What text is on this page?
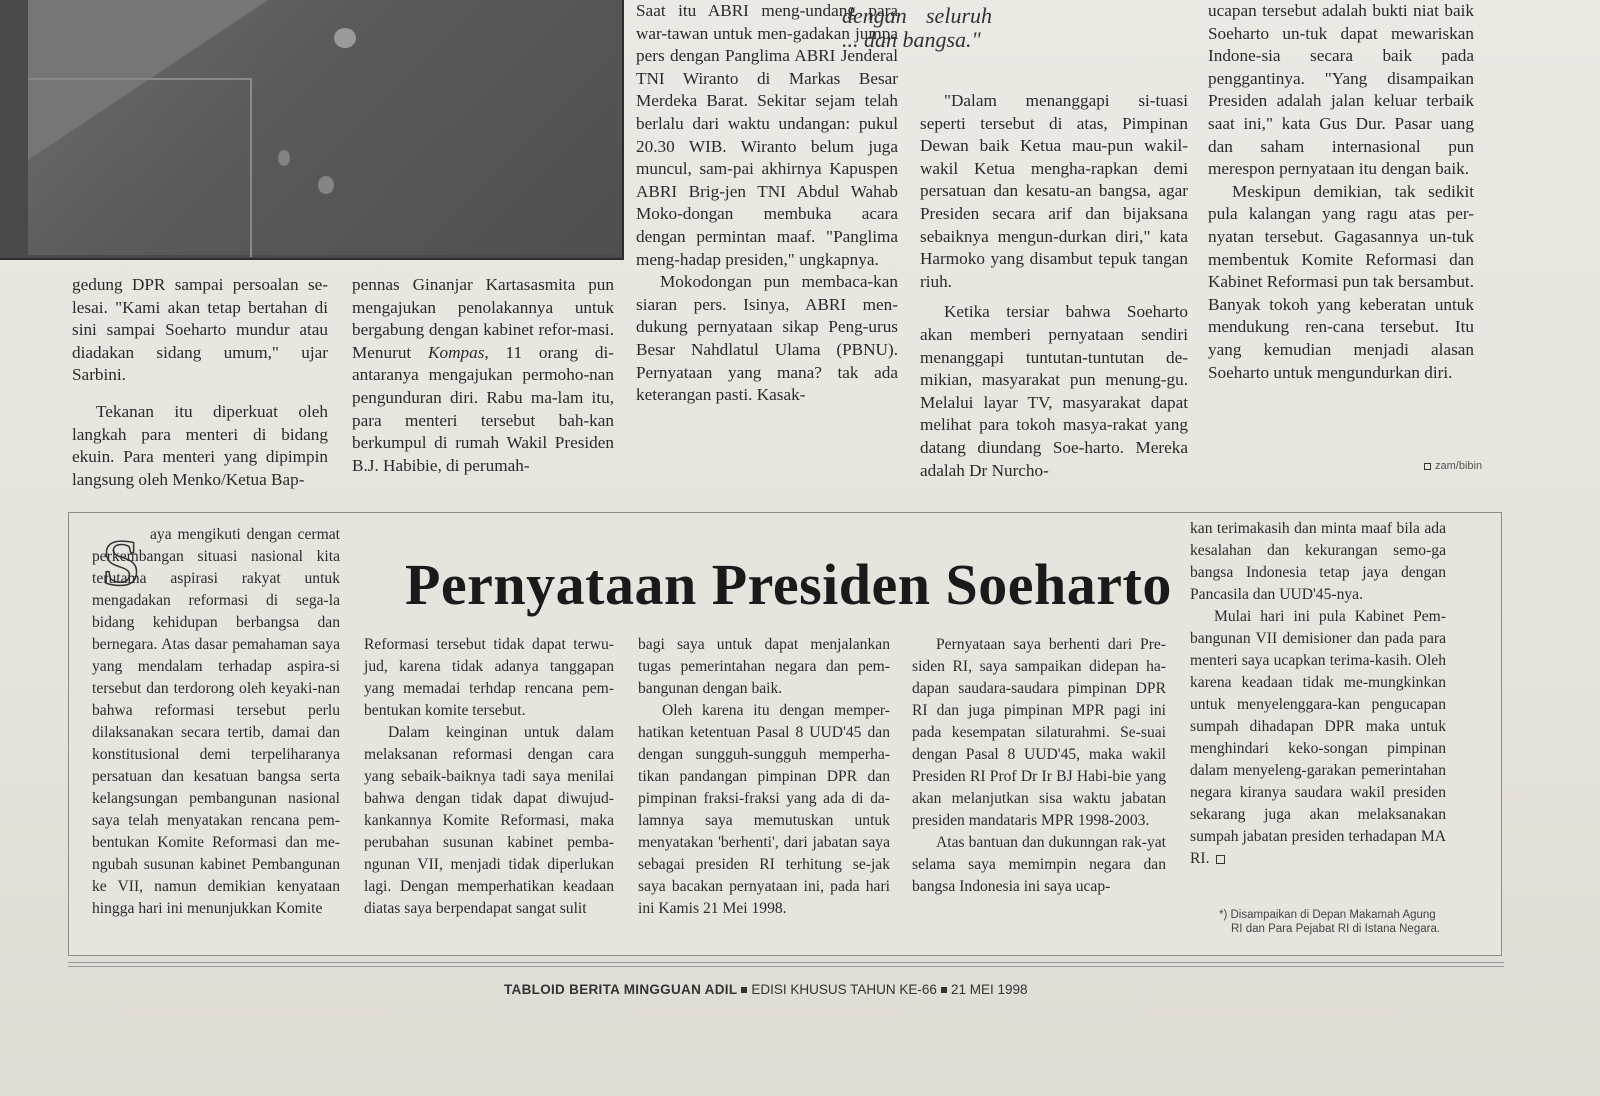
gedung DPR sampai persoalan se-lesai. "Kami akan tetap bertahan di sini sampai Soeharto mundur atau diadakan sidang umum," ujar Sarbini.

Tekanan itu diperkuat oleh langkah para menteri di bidang ekuin. Para menteri yang dipimpin langsung oleh Menko/Ketua Bap-

pennas Ginanjar Kartasasmita pun mengajukan penolakannya untuk bergabung dengan kabinet refor-masi. Menurut Kompas, 11 orang di-antaranya mengajukan permoho-nan pengunduran diri. Rabu ma-lam itu, para menteri tersebut bah-kan berkumpul di rumah Wakil Presiden B.J. Habibie, di perumah-

Saat itu ABRI meng-undang para war-tawan untuk men-gadakan jumpa pers dengan Panglima ABRI Jenderal TNI Wiranto di Markas Besar Merdeka Barat. Sekitar sejam telah berlalu dari waktu undangan: pukul 20.30 WIB. Wiranto belum juga muncul, sam-pai akhirnya Kapuspen ABRI Brig-jen TNI Abdul Wahab Moko-dongan membuka acara dengan permintan maaf. "Panglima meng-hadap presiden," ungkapnya.

Mokodongan pun membaca-kan siaran pers. Isinya, ABRI men-dukung pernyataan sikap Peng-urus Besar Nahdlatul Ulama (PBNU). Pernyataan yang mana? tak ada keterangan pasti. Kasak-

dengan seluruh ... dan bangsa."

"Dalam menanggapi si-tuasi seperti tersebut di atas, Pimpinan Dewan baik Ketua mau-pun wakil-wakil Ketua mengha-rapkan demi persatuan dan kesatu-an bangsa, agar Presiden secara arif dan bijaksana sebaiknya mengun-durkan diri," kata Harmoko yang disambut tepuk tangan riuh.

Ketika tersiar bahwa Soeharto akan memberi pernyataan sendiri menanggapi tuntutan-tuntutan de-mikian, masyarakat pun menung-gu. Melalui layar TV, masyarakat dapat melihat para tokoh masya-rakat yang datang diundang Soe-harto. Mereka adalah Dr Nurcho-

ucapan tersebut adalah bukti niat baik Soeharto un-tuk dapat mewariskan Indone-sia secara baik pada penggantinya. "Yang disampaikan Presiden adalah jalan keluar terbaik saat ini," kata Gus Dur. Pasar uang dan saham internasional pun merespon pernyataan itu dengan baik.

Meskipun demikian, tak sedikit pula kalangan yang ragu atas per-nyatan tersebut. Gagasannya un-tuk membentuk Komite Reformasi dan Kabinet Reformasi pun tak bersambut. Banyak tokoh yang keberatan untuk mendukung ren-cana tersebut. Itu yang kemudian menjadi alasan Soeharto untuk mengundurkan diri.

zam/bibin
S	Pernyataan Presiden Soeharto

aya mengikuti dengan cermat perkembangan situasi nasional kita terutama aspirasi rakyat untuk mengadakan reformasi di sega-la bidang kehidupan berbangsa dan bernegara. Atas dasar pemahaman saya yang mendalam terhadap aspira-si tersebut dan terdorong oleh keyaki-nan bahwa reformasi tersebut perlu dilaksanakan secara tertib, damai dan konstitusional demi terpeliharanya persatuan dan kesatuan bangsa serta kelangsungan pembangunan nasional saya telah menyatakan rencana pem-bentukan Komite Reformasi dan me-ngubah susunan kabinet Pembangunan ke VII, namun demikian kenyataan hingga hari ini menunjukkan Komite

Reformasi tersebut tidak dapat terwu-jud, karena tidak adanya tanggapan yang memadai terhdap rencana pem-bentukan komite tersebut.

Dalam keinginan untuk dalam melaksanan reformasi dengan cara yang sebaik-baiknya tadi saya menilai bahwa dengan tidak dapat diwujud-kankannya Komite Reformasi, maka perubahan susunan kabinet pemba-ngunan VII, menjadi tidak diperlukan lagi. Dengan memperhatikan keadaan diatas saya berpendapat sangat sulit

bagi saya untuk dapat menjalankan tugas pemerintahan negara dan pem-bangunan dengan baik.

Oleh karena itu dengan memper-hatikan ketentuan Pasal 8 UUD'45 dan dengan sungguh-sungguh memperha-tikan pandangan pimpinan DPR dan pimpinan fraksi-fraksi yang ada di da-lamnya saya memutuskan untuk menyatakan 'berhenti', dari jabatan saya sebagai presiden RI terhitung se-jak saya bacakan pernyataan ini, pada hari ini Kamis 21 Mei 1998.

Pernyataan saya berhenti dari Pre-siden RI, saya sampaikan didepan ha-dapan saudara-saudara pimpinan DPR RI dan juga pimpinan MPR pagi ini pada kesempatan silaturahmi. Se-suai dengan Pasal 8 UUD'45, maka wakil Presiden RI Prof Dr Ir BJ Habi-bie yang akan melanjutkan sisa waktu jabatan presiden mandataris MPR 1998-2003.

Atas bantuan dan dukunngan rak-yat selama saya memimpin negara dan bangsa Indonesia ini saya ucap-

kan terimakasih dan minta maaf bila ada kesalahan dan kekurangan semo-ga bangsa Indonesia tetap jaya dengan Pancasila dan UUD'45-nya.

Mulai hari ini pula Kabinet Pem-bangunan VII demisioner dan pada para menteri saya ucapkan terima-kasih. Oleh karena keadaan tidak me-mungkinkan untuk menyelenggara-kan pengucapan sumpah dihadapan DPR maka untuk menghindari keko-songan pimpinan dalam menyeleng-garakan pemerintahan negara kiranya saudara wakil presiden sekarang juga akan melaksanakan sumpah jabatan presiden terhadapan MA RI.

*) Disampaikan di Depan Makamah Agung
RI dan Para Pejabat RI di Istana Negara.
TABLOID BERITA MINGGUAN ADIL EDISI KHUSUS TAHUN KE-66 21 MEI 1998
